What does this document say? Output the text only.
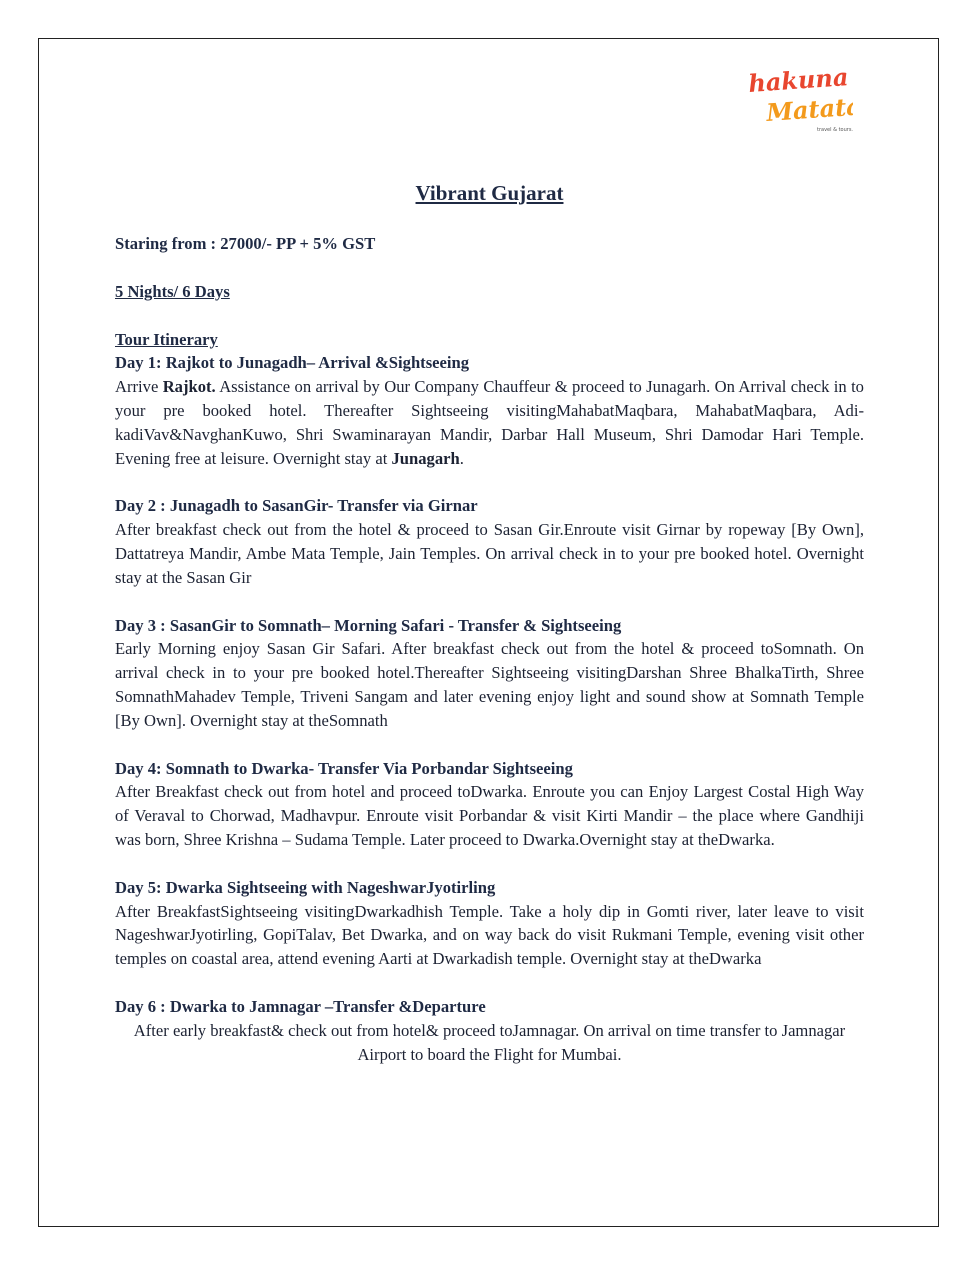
hakuna
Matata
travel & tours...
Vibrant Gujarat

Staring from : 27000/- PP + 5% GST

5 Nights/ 6 Days

Tour Itinerary

Day 1: Rajkot to Junagadh– Arrival &Sightseeing

Arrive Rajkot. Assistance on arrival by Our Company Chauffeur & proceed to Junagarh. On Arrival check in to your pre booked hotel. Thereafter Sightseeing visitingMahabatMaqbara, MahabatMaqbara, Adi-kadiVav&NavghanKuwo, Shri Swaminarayan Mandir, Darbar Hall Museum, Shri Damodar Hari Temple. Evening free at leisure. Overnight stay at Junagarh.

Day 2 : Junagadh to SasanGir- Transfer via Girnar

After breakfast check out from the hotel & proceed to Sasan Gir.Enroute visit Girnar by ropeway [By Own], Dattatreya Mandir, Ambe Mata Temple, Jain Temples. On arrival check in to your pre booked hotel. Overnight stay at the Sasan Gir

Day 3 : SasanGir to Somnath– Morning Safari - Transfer & Sightseeing

Early Morning enjoy Sasan Gir Safari. After breakfast check out from the hotel & proceed toSomnath. On arrival check in to your pre booked hotel.Thereafter Sightseeing visitingDarshan Shree BhalkaTirth, Shree SomnathMahadev Temple, Triveni Sangam and later evening enjoy light and sound show at Somnath Temple [By Own]. Overnight stay at theSomnath

Day 4: Somnath to Dwarka- Transfer Via Porbandar Sightseeing

After Breakfast check out from hotel and proceed toDwarka. Enroute you can Enjoy Largest Costal High Way of Veraval to Chorwad, Madhavpur. Enroute visit Porbandar & visit Kirti Mandir – the place where Gandhiji was born, Shree Krishna – Sudama Temple. Later proceed to Dwarka.Overnight stay at theDwarka.

Day 5: Dwarka Sightseeing with NageshwarJyotirling

After BreakfastSightseeing visitingDwarkadhish Temple. Take a holy dip in Gomti river, later leave to visit NageshwarJyotirling, GopiTalav, Bet Dwarka, and on way back do visit Rukmani Temple, evening visit other temples on coastal area, attend evening Aarti at Dwarkadish temple. Overnight stay at theDwarka

Day 6 : Dwarka to Jamnagar –Transfer &Departure

After early breakfast& check out from hotel& proceed toJamnagar. On arrival on time transfer to Jamnagar Airport to board the Flight for Mumbai.
